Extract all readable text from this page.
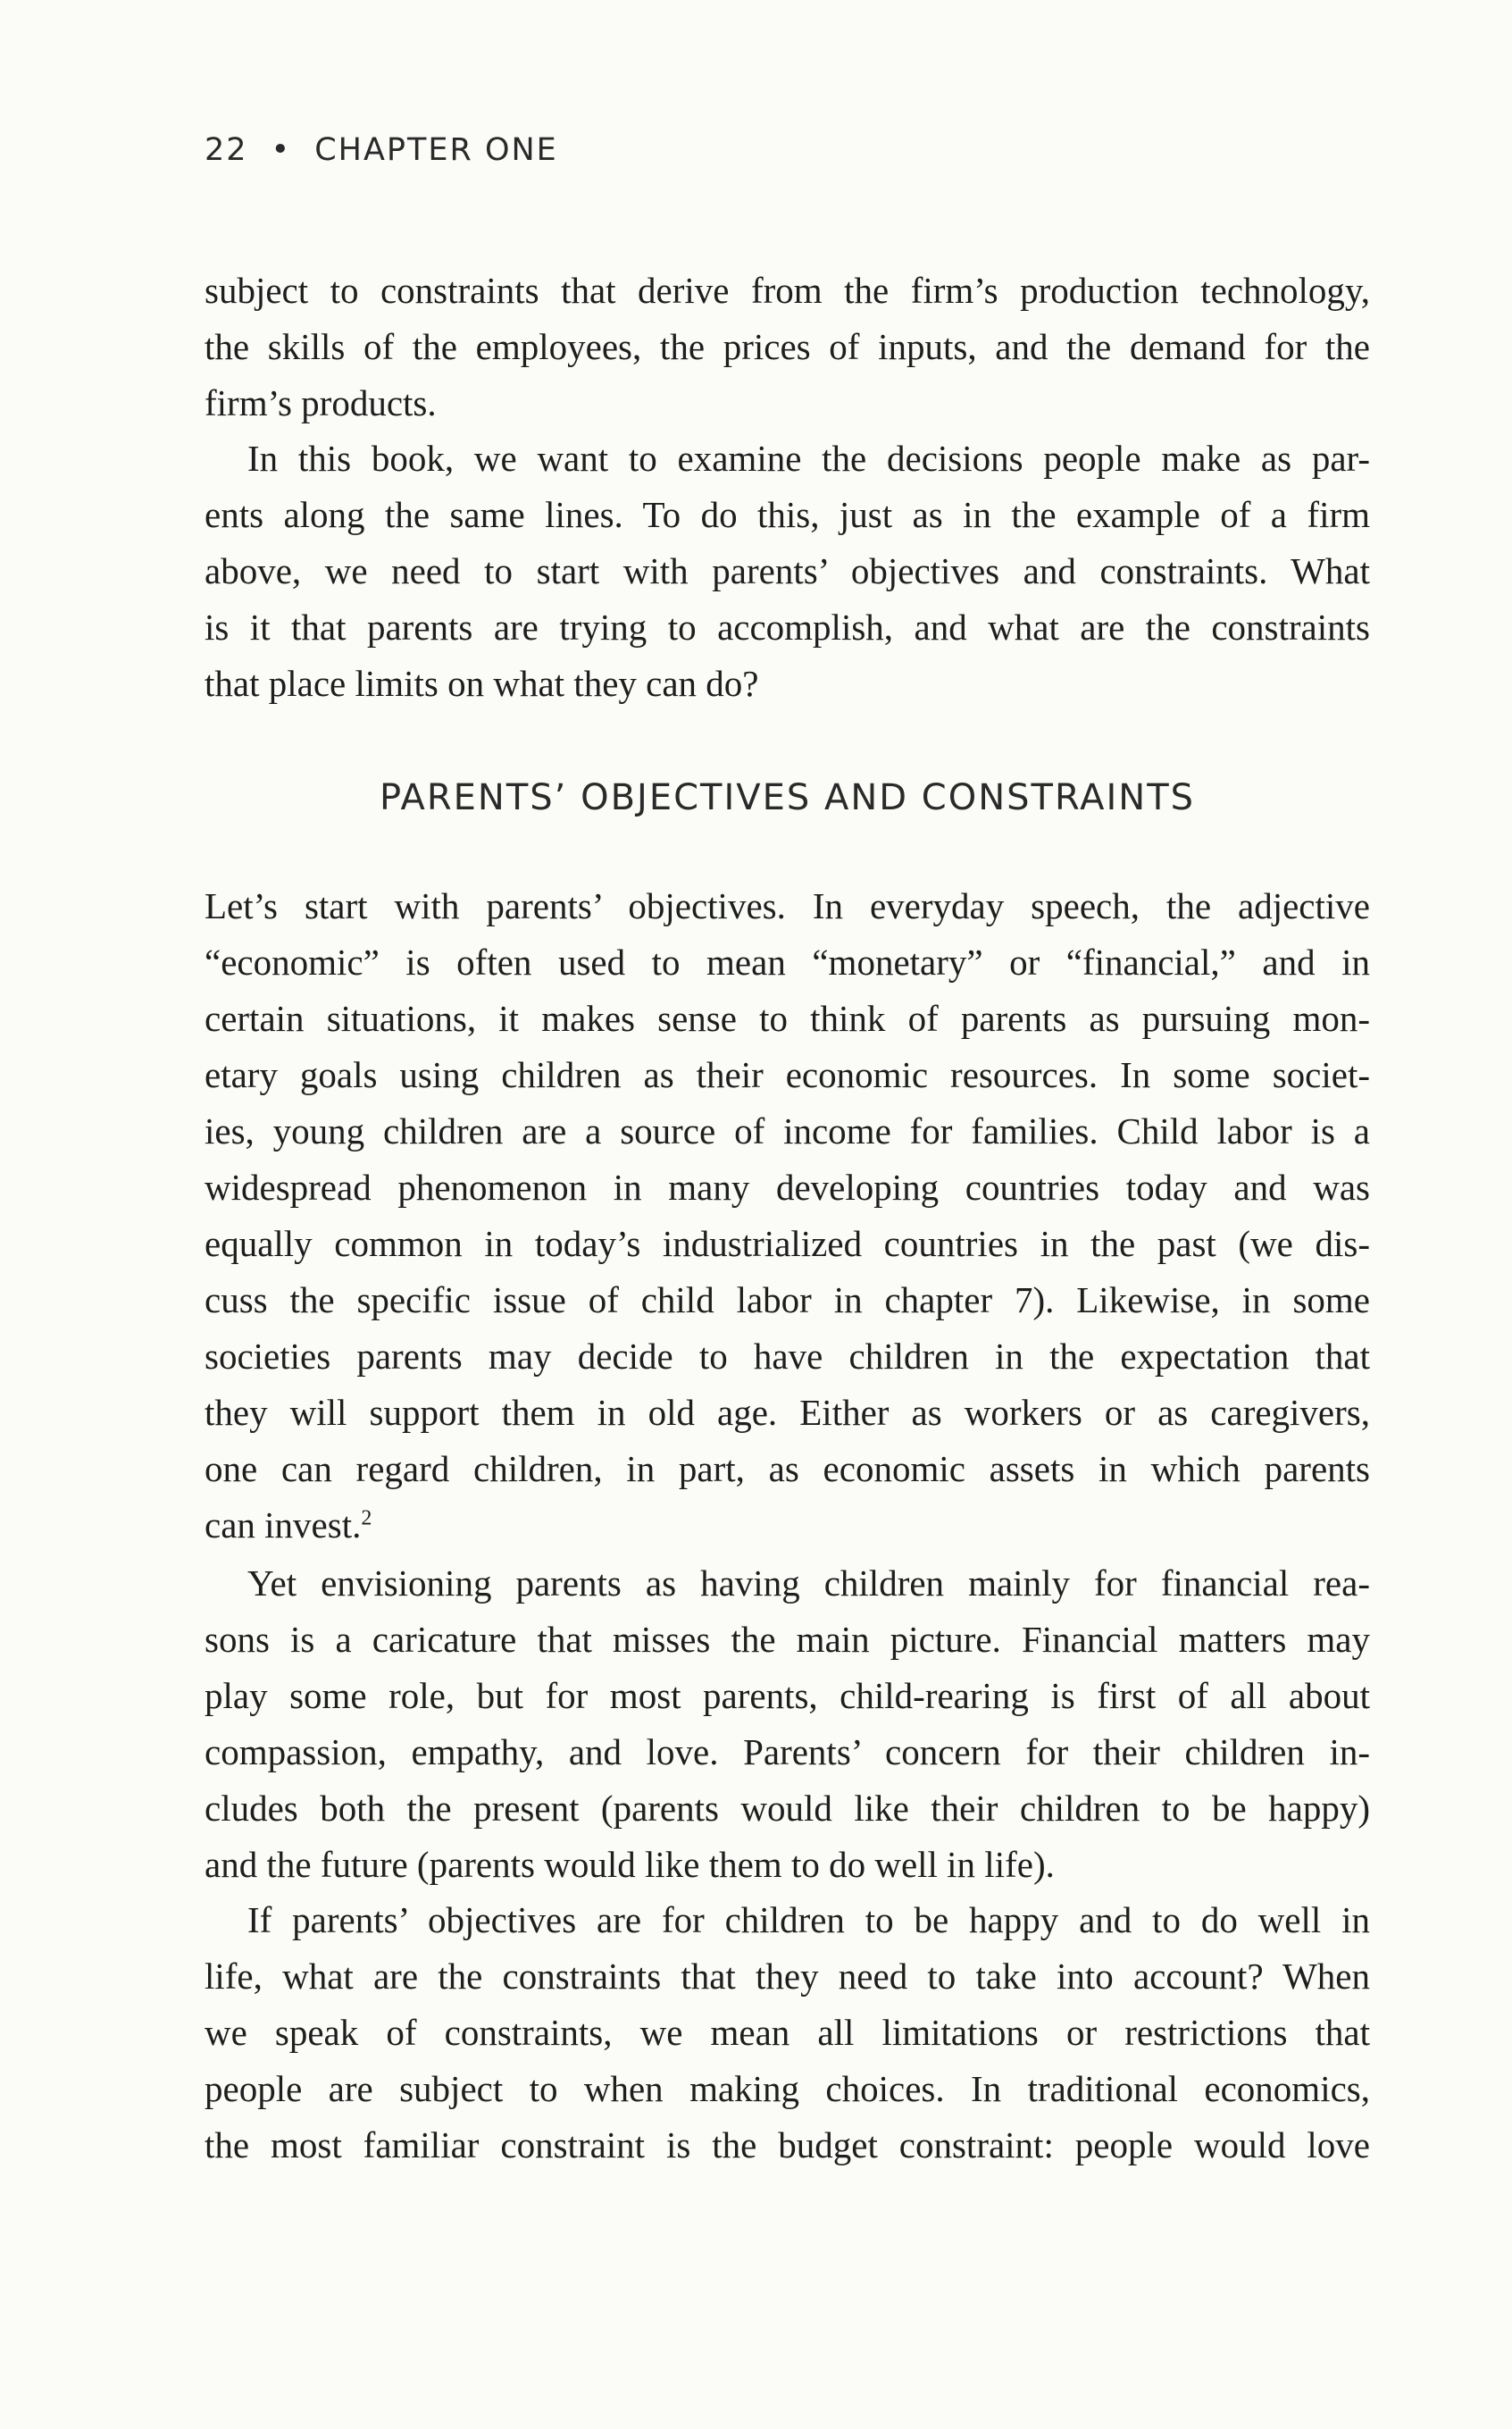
22 • CHAPTER ONE
subject to constraints that derive from the firm’s production technology,
the skills of the employees, the prices of inputs, and the demand for the
firm’s products.
In this book, we want to examine the decisions people make as par-
ents along the same lines. To do this, just as in the example of a firm
above, we need to start with parents’ objectives and constraints. What
is it that parents are trying to accomplish, and what are the constraints
that place limits on what they can do?
PARENTS’ OBJECTIVES AND CONSTRAINTS
Let’s start with parents’ objectives. In everyday speech, the adjective
“economic” is often used to mean “monetary” or “financial,” and in
certain situations, it makes sense to think of parents as pursuing mon-
etary goals using children as their economic resources. In some societ-
ies, young children are a source of income for families. Child labor is a
widespread phenomenon in many developing countries today and was
equally common in today’s industrialized countries in the past (we dis-
cuss the specific issue of child labor in chapter 7). Likewise, in some
societies parents may decide to have children in the expectation that
they will support them in old age. Either as workers or as caregivers,
one can regard children, in part, as economic assets in which parents
can invest.$^2$
Yet envisioning parents as having children mainly for financial rea-
sons is a caricature that misses the main picture. Financial matters may
play some role, but for most parents, child-rearing is first of all about
compassion, empathy, and love. Parents’ concern for their children in-
cludes both the present (parents would like their children to be happy)
and the future (parents would like them to do well in life).
If parents’ objectives are for children to be happy and to do well in
life, what are the constraints that they need to take into account? When
we speak of constraints, we mean all limitations or restrictions that
people are subject to when making choices. In traditional economics,
the most familiar constraint is the budget constraint: people would love
